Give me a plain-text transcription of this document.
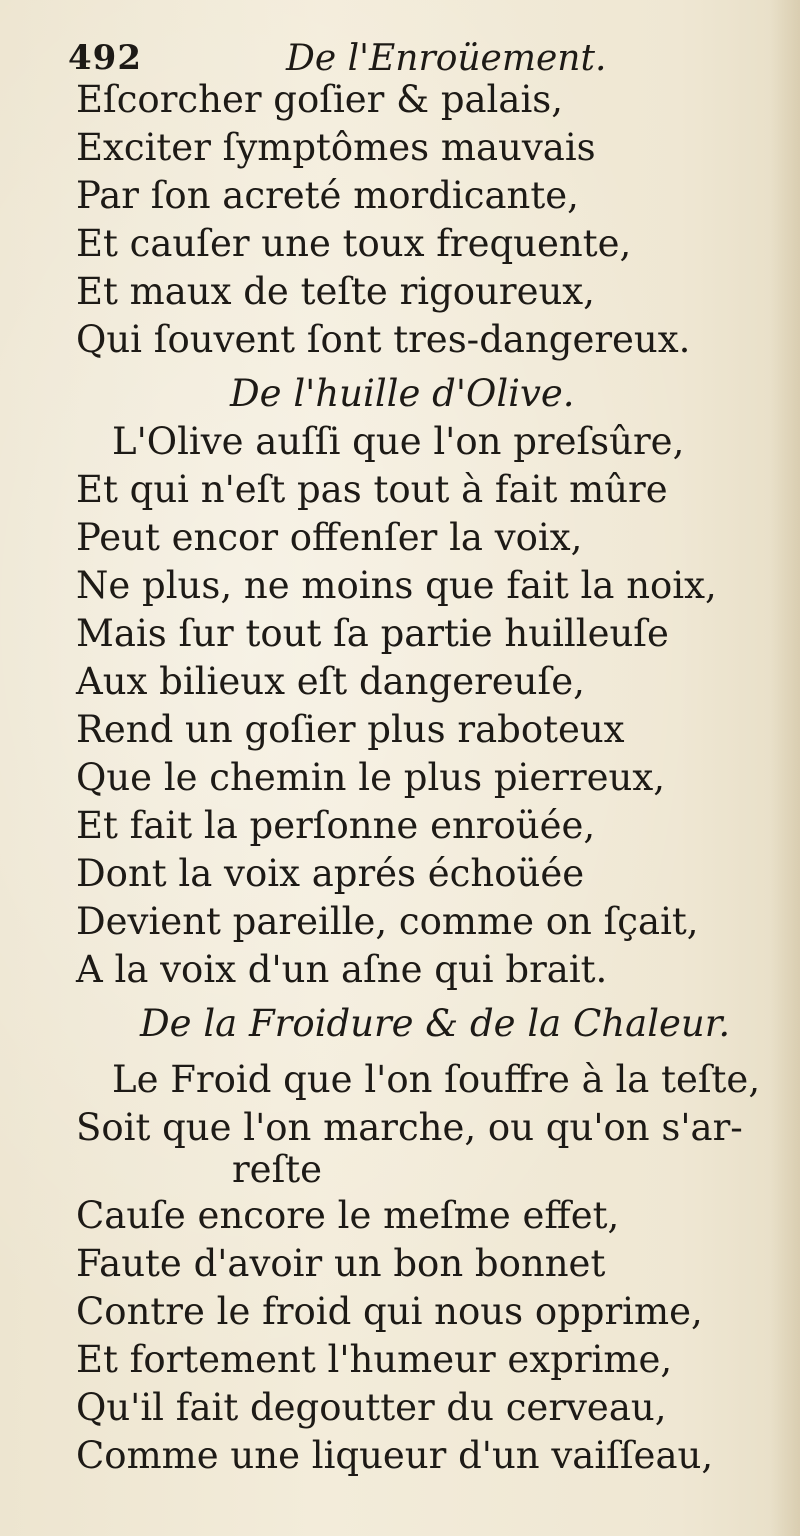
492	De l'Enroüement.
Eſcorcher goſier & palais,
Exciter ſymptômes mauvais
Par ſon acreté mordicante,
Et cauſer une toux frequente,
Et maux de teſte rigoureux,
Qui ſouvent ſont tres-dangereux.
De l'huille d'Olive.
L'Olive auſſi que l'on preſsûre,
Et qui n'eſt pas tout à fait mûre
Peut encor offenſer la voix,
Ne plus, ne moins que fait la noix,
Mais ſur tout ſa partie huilleuſe
Aux bilieux eſt dangereuſe,
Rend un goſier plus raboteux
Que le chemin le plus pierreux,
Et fait la perſonne enroüée,
Dont la voix aprés échoüée
Devient pareille, comme on ſçait,
A la voix d'un aſne qui brait.
De la Froidure & de la Chaleur.
Le Froid que l'on ſouffre à la teſte,
Soit que l'on marche, ou qu'on s'ar-
reſte
Cauſe encore le meſme effet,
Faute d'avoir un bon bonnet
Contre le froid qui nous opprime,
Et fortement l'humeur exprime,
Qu'il fait degoutter du cerveau,
Comme une liqueur d'un vaiſſeau,
